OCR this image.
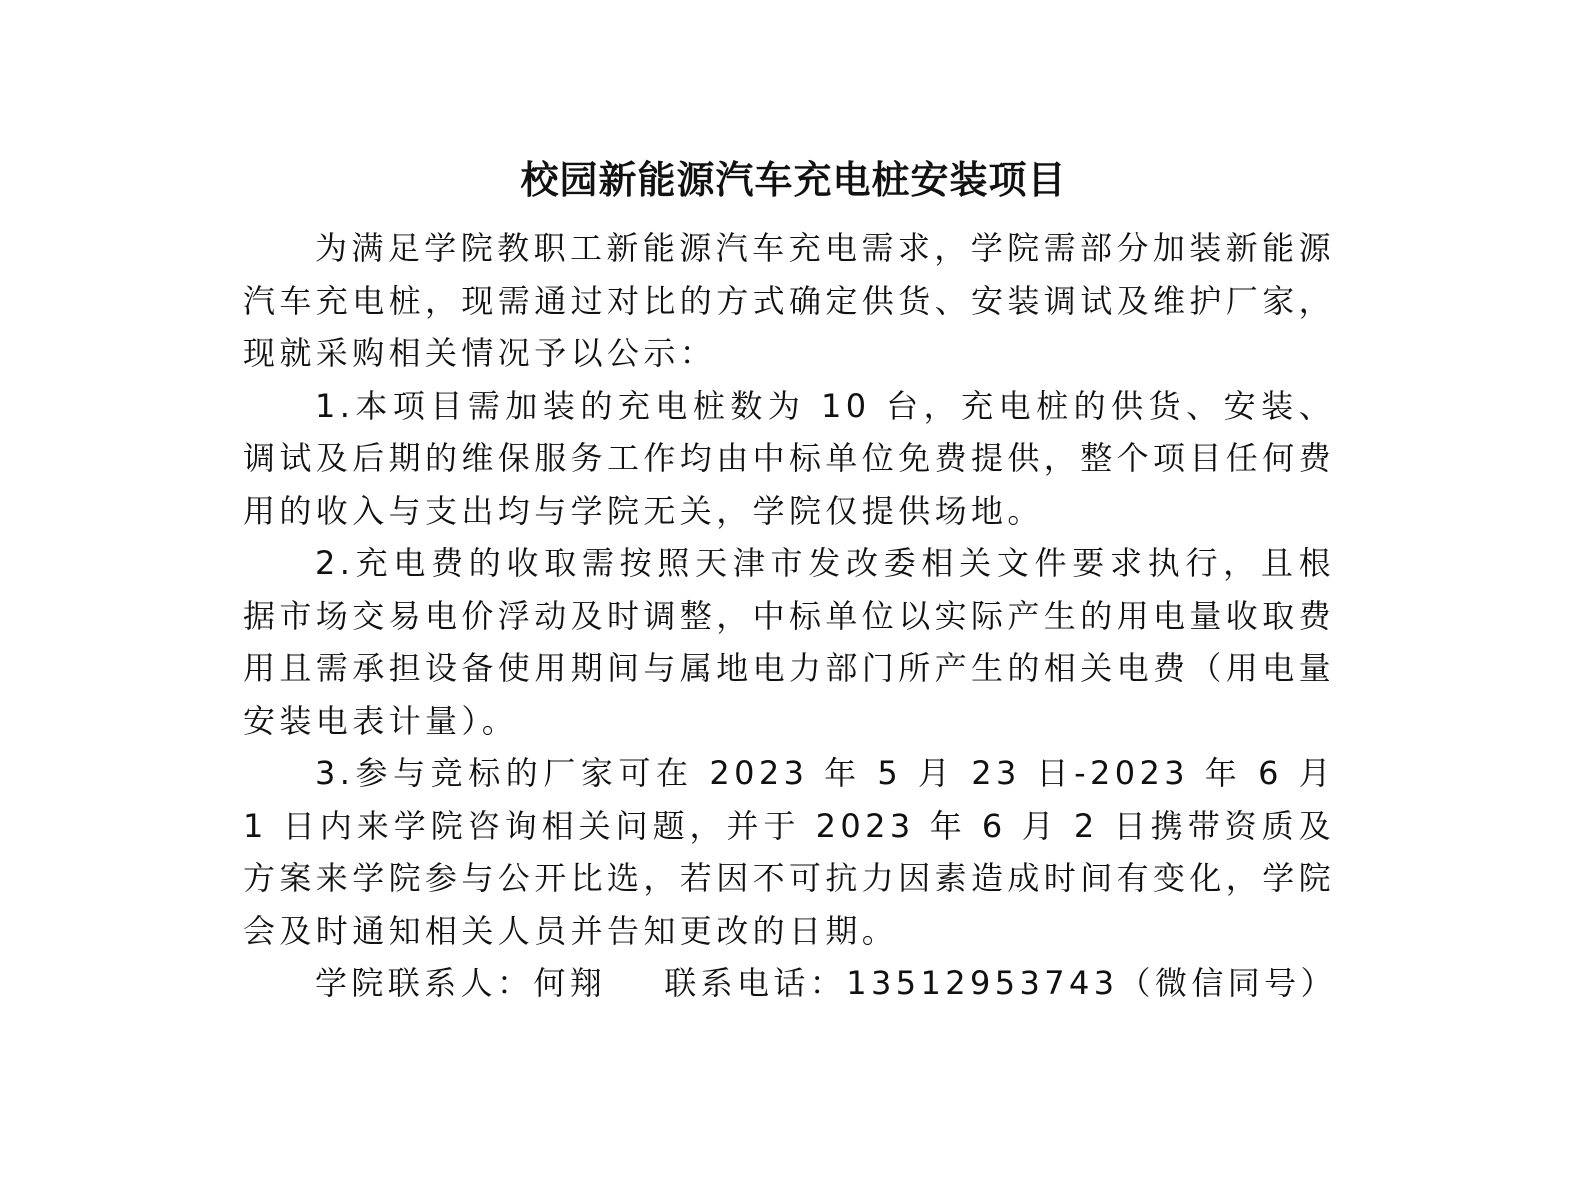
校园新能源汽车充电桩安装项目

为满足学院教职工新能源汽车充电需求，学院需部分加装新能源汽车充电桩，现需通过对比的方式确定供货、安装调试及维护厂家，现就采购相关情况予以公示：

1.本项目需加装的充电桩数为 10 台，充电桩的供货、安装、调试及后期的维保服务工作均由中标单位免费提供，整个项目任何费用的收入与支出均与学院无关，学院仅提供场地。

2.充电费的收取需按照天津市发改委相关文件要求执行，且根据市场交易电价浮动及时调整，中标单位以实际产生的用电量收取费用且需承担设备使用期间与属地电力部门所产生的相关电费（用电量安装电表计量）。

3.参与竞标的厂家可在 2023 年 5 月 23 日-2023 年 6 月 1 日内来学院咨询相关问题，并于 2023 年 6 月 2 日携带资质及方案来学院参与公开比选，若因不可抗力因素造成时间有变化，学院会及时通知相关人员并告知更改的日期。

学院联系人：何翔 联系电话：13512953743（微信同号）
